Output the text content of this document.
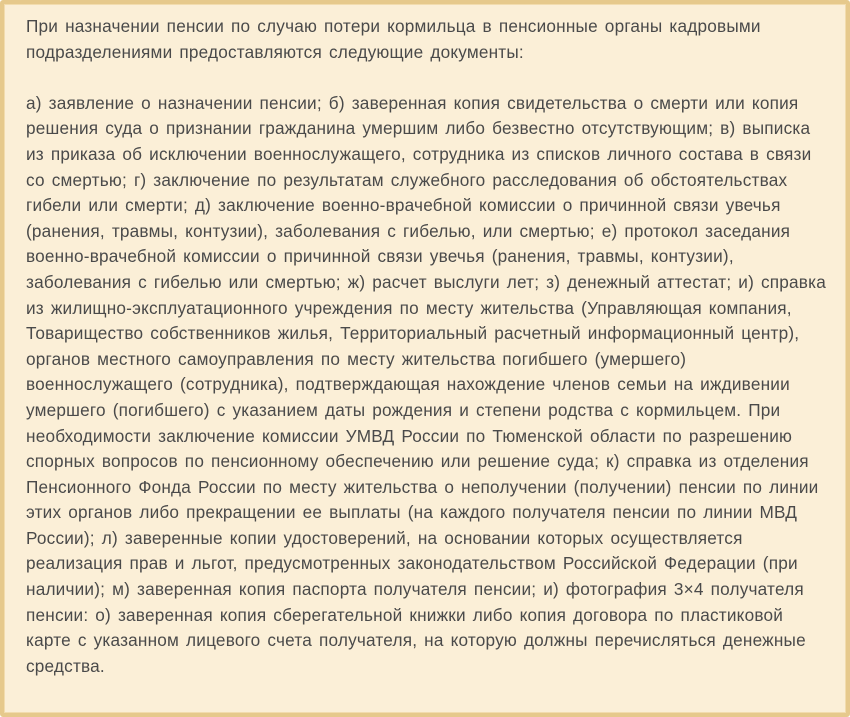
При назначении пенсии по случаю потери кормильца в пенсионные органы кадровыми подразделениями предоставляются следующие документы:

а) заявление о назначении пенсии; б) заверенная копия свидетельства о смерти или копия решения суда о признании гражданина умершим либо безвестно отсутствующим; в) выписка из приказа об исключении военнослужащего, сотрудника из списков личного состава в связи со смертью; г) заключение по результатам служебного расследования об обстоятельствах гибели или смерти; д) заключение военно-врачебной комиссии о причинной связи увечья (ранения, травмы, контузии), заболевания с гибелью, или смертью; е) протокол заседания военно-врачебной комиссии о причинной связи увечья (ранения, травмы, контузии), заболевания с гибелью или смертью; ж) расчет выслуги лет; з) денежный аттестат; и) справка из жилищно-эксплуатационного учреждения по месту жительства (Управляющая компания, Товарищество собственников жилья, Территориальный расчетный информационный центр), органов местного самоуправления по месту жительства погибшего (умершего) военнослужащего (сотрудника), подтверждающая нахождение членов семьи на иждивении умершего (погибшего) с указанием даты рождения и степени родства с кормильцем. При необходимости заключение комиссии УМВД России по Тюменской области по разрешению спорных вопросов по пенсионному обеспечению или решение суда; к) справка из отделения Пенсионного Фонда России по месту жительства о неполучении (получении) пенсии по линии этих органов либо прекращении ее выплаты (на каждого получателя пенсии по линии МВД России); л) заверенные копии удостоверений, на основании которых осуществляется реализация прав и льгот, предусмотренных законодательством Российской Федерации (при наличии); м) заверенная копия паспорта получателя пенсии; и) фотография 3×4 получателя пенсии: о) заверенная копия сберегательной книжки либо копия договора по пластиковой карте с указанном лицевого счета получателя, на которую должны перечисляться денежные средства.
